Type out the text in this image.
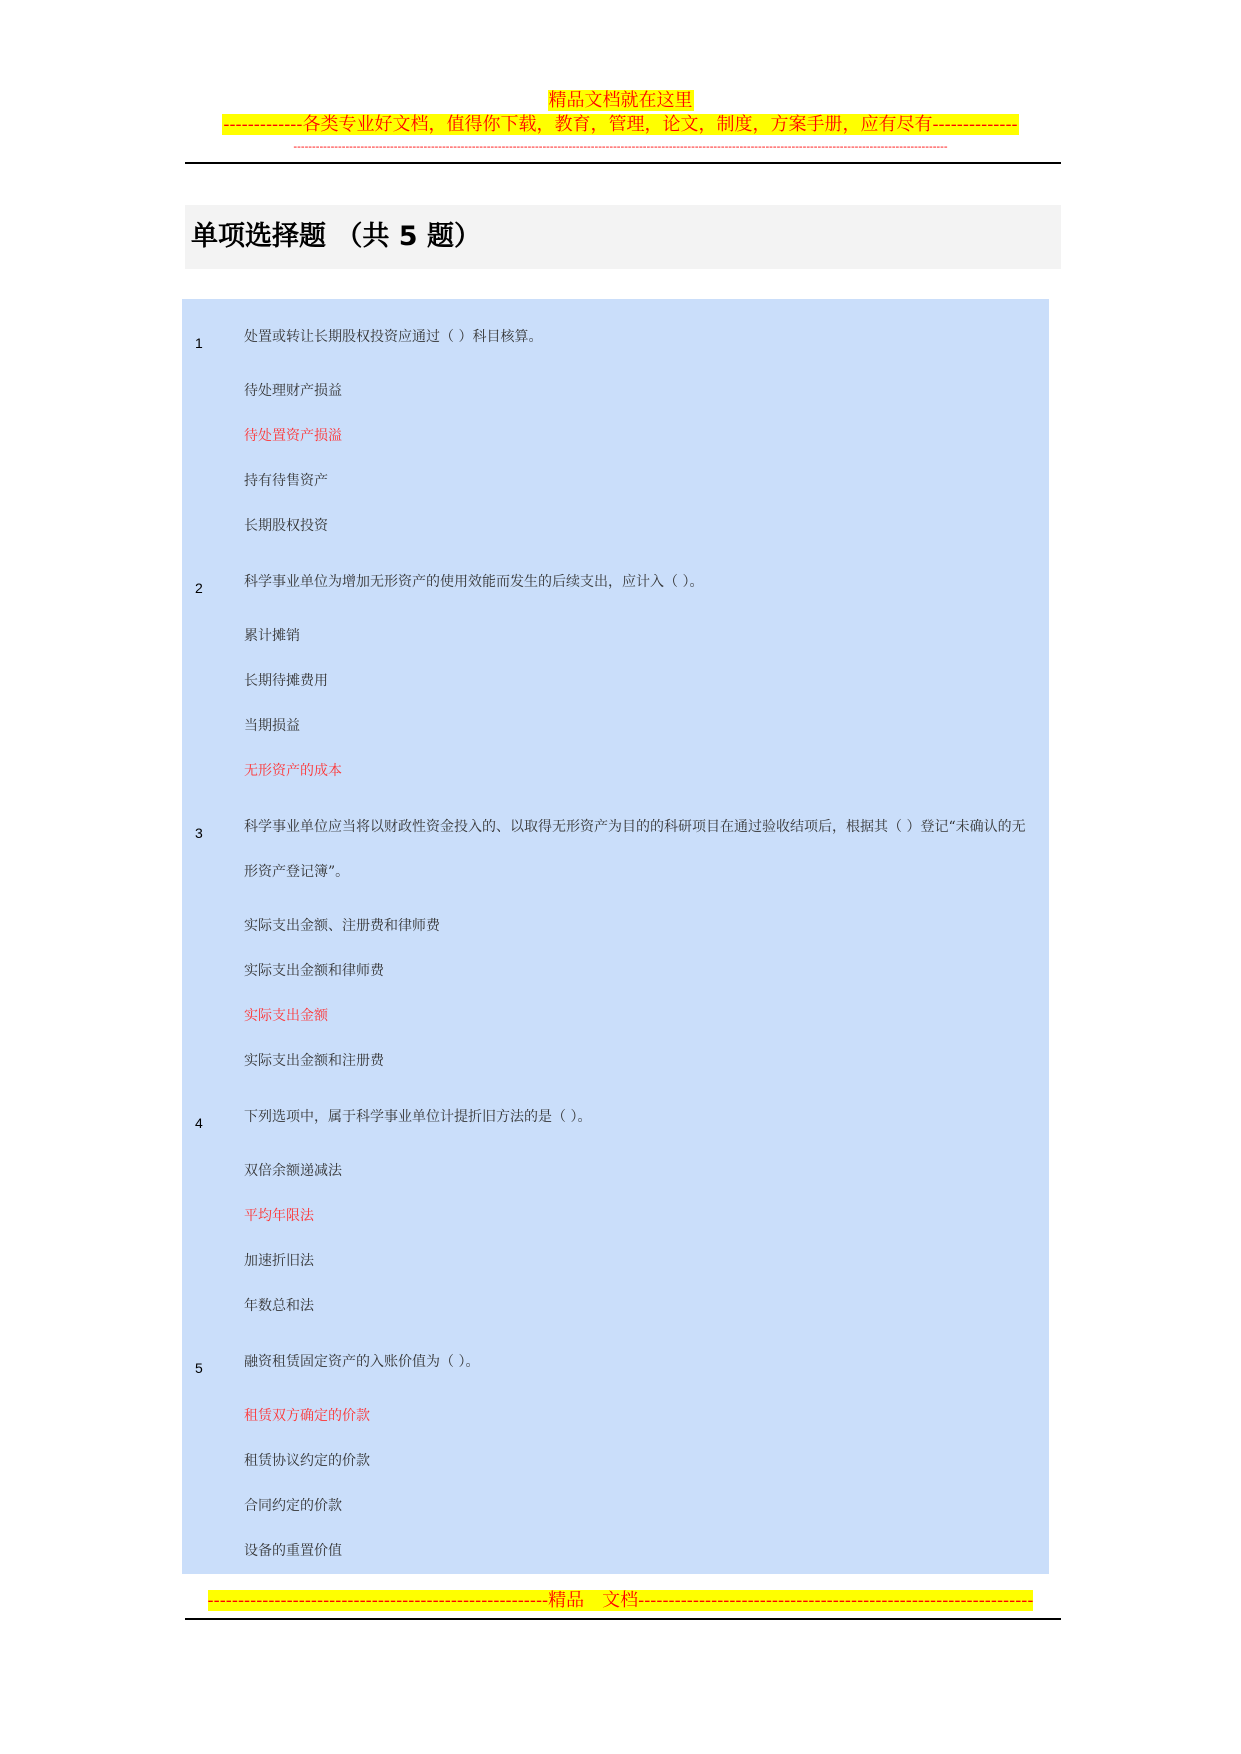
精品文档就在这里
-------------各类专业好文档，值得你下载，教育，管理，论文，制度，方案手册，应有尽有--------------
--------------------------------------------------------------------------------------------------------------------------------------------------------------------------------
单项选择题 （共 5 题）
1	处置或转让长期股权投资应通过（ ）科目核算。
待处理财产损益
待处置资产损溢
持有待售资产
长期股权投资
2	科学事业单位为增加无形资产的使用效能而发生的后续支出，应计入（ ）。
累计摊销
长期待摊费用
当期损益
无形资产的成本
3	科学事业单位应当将以财政性资金投入的、以取得无形资产为目的的科研项目在通过验收结项后，根据其（ ）登记“未确认的无形资产登记簿”。
实际支出金额、注册费和律师费
实际支出金额和律师费
实际支出金额
实际支出金额和注册费
4	下列选项中，属于科学事业单位计提折旧方法的是（ ）。
双倍余额递减法
平均年限法
加速折旧法
年数总和法
5	融资租赁固定资产的入账价值为（ ）。
租赁双方确定的价款
租赁协议约定的价款
合同约定的价款
设备的重置价值
--------------------------------------------------------精品　文档-----------------------------------------------------------------
